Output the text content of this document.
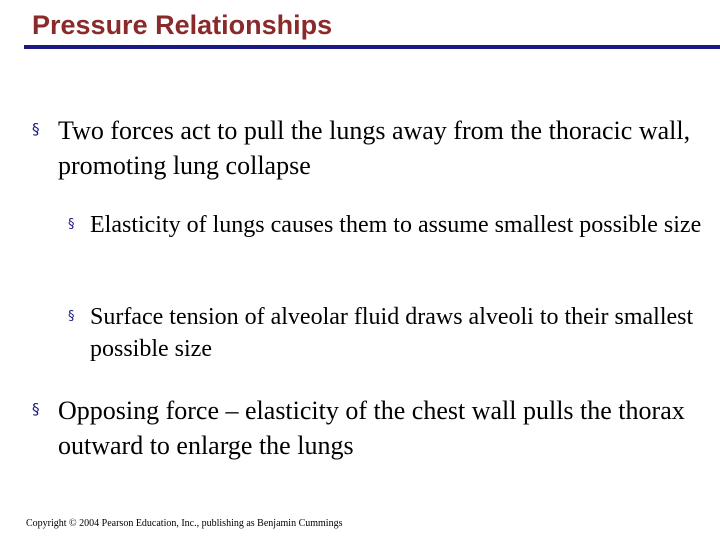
Pressure Relationships
§ Two forces act to pull the lungs away from the thoracic wall, promoting lung collapse
§ Elasticity of lungs causes them to assume smallest possible size
§ Surface tension of alveolar fluid draws alveoli to their smallest possible size
§ Opposing force – elasticity of the chest wall pulls the thorax outward to enlarge the lungs
Copyright © 2004 Pearson Education, Inc., publishing as Benjamin Cummings
